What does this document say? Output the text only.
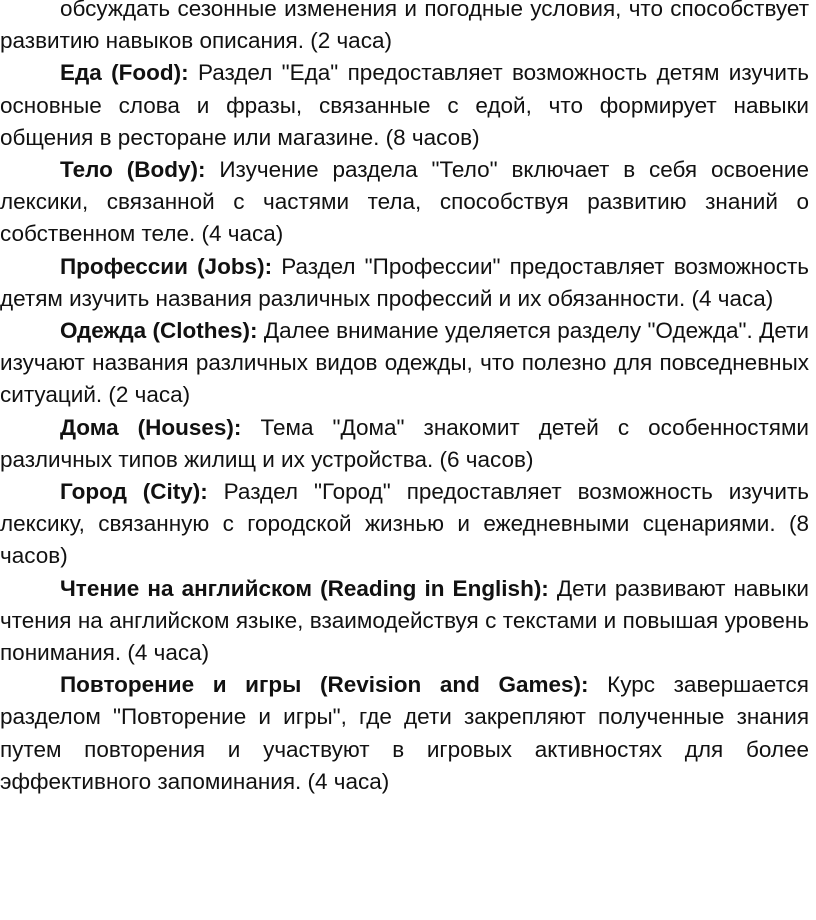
обсуждать сезонные изменения и погодные условия, что способствует развитию навыков описания. (2 часа)

Еда (Food): Раздел "Еда" предоставляет возможность детям изучить основные слова и фразы, связанные с едой, что формирует навыки общения в ресторане или магазине. (8 часов)

Тело (Body): Изучение раздела "Тело" включает в себя освоение лексики, связанной с частями тела, способствуя развитию знаний о собственном теле. (4 часа)

Профессии (Jobs): Раздел "Профессии" предоставляет возможность детям изучить названия различных профессий и их обязанности. (4 часа)

Одежда (Clothes): Далее внимание уделяется разделу "Одежда". Дети изучают названия различных видов одежды, что полезно для повседневных ситуаций. (2 часа)

Дома (Houses): Тема "Дома" знакомит детей с особенностями различных типов жилищ и их устройства. (6 часов)

Город (City): Раздел "Город" предоставляет возможность изучить лексику, связанную с городской жизнью и ежедневными сценариями. (8 часов)

Чтение на английском (Reading in English): Дети развивают навыки чтения на английском языке, взаимодействуя с текстами и повышая уровень понимания. (4 часа)

Повторение и игры (Revision and Games): Курс завершается разделом "Повторение и игры", где дети закрепляют полученные знания путем повторения и участвуют в игровых активностях для более эффективного запоминания. (4 часа)
